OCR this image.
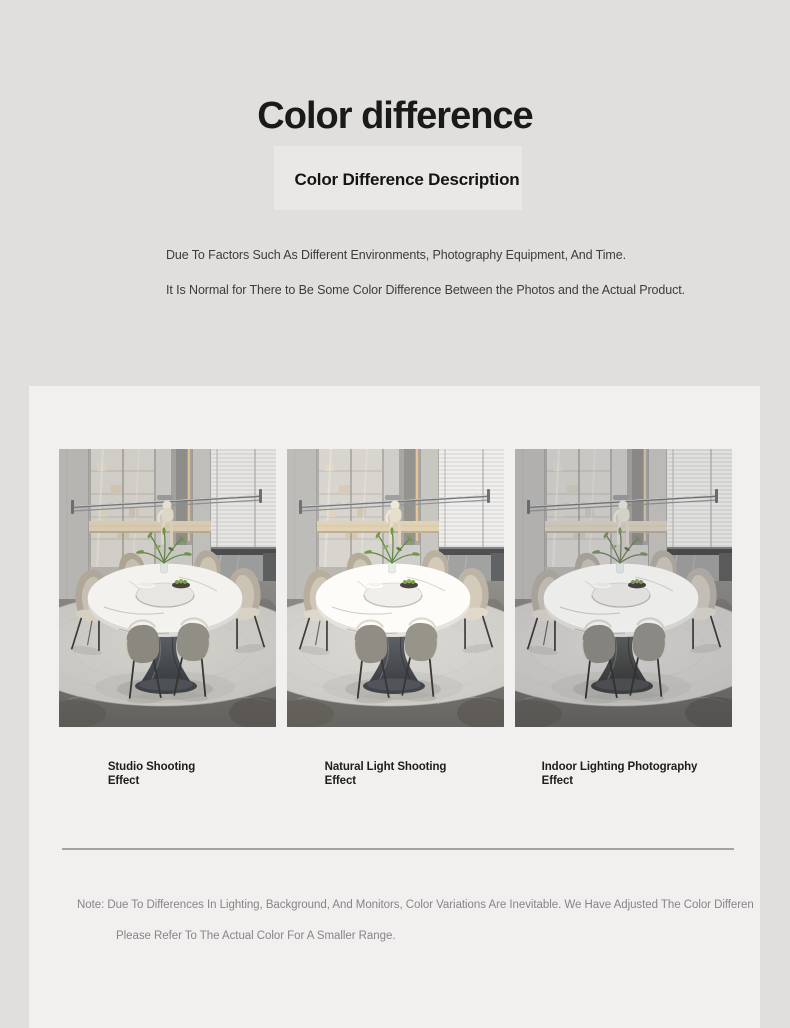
Color difference
Color Difference Description

Due To Factors Such As Different Environments, Photography Equipment, And Time.

It Is Normal for There to Be Some Color Difference Between the Photos and the Actual Product.

Studio Shooting
Effect
Natural Light Shooting
Effect
Indoor Lighting Photography
Effect

Note: Due To Differences In Lighting, Background, And Monitors, Color Variations Are Inevitable. We Have Adjusted The Color Differen

Please Refer To The Actual Color For A Smaller Range.
